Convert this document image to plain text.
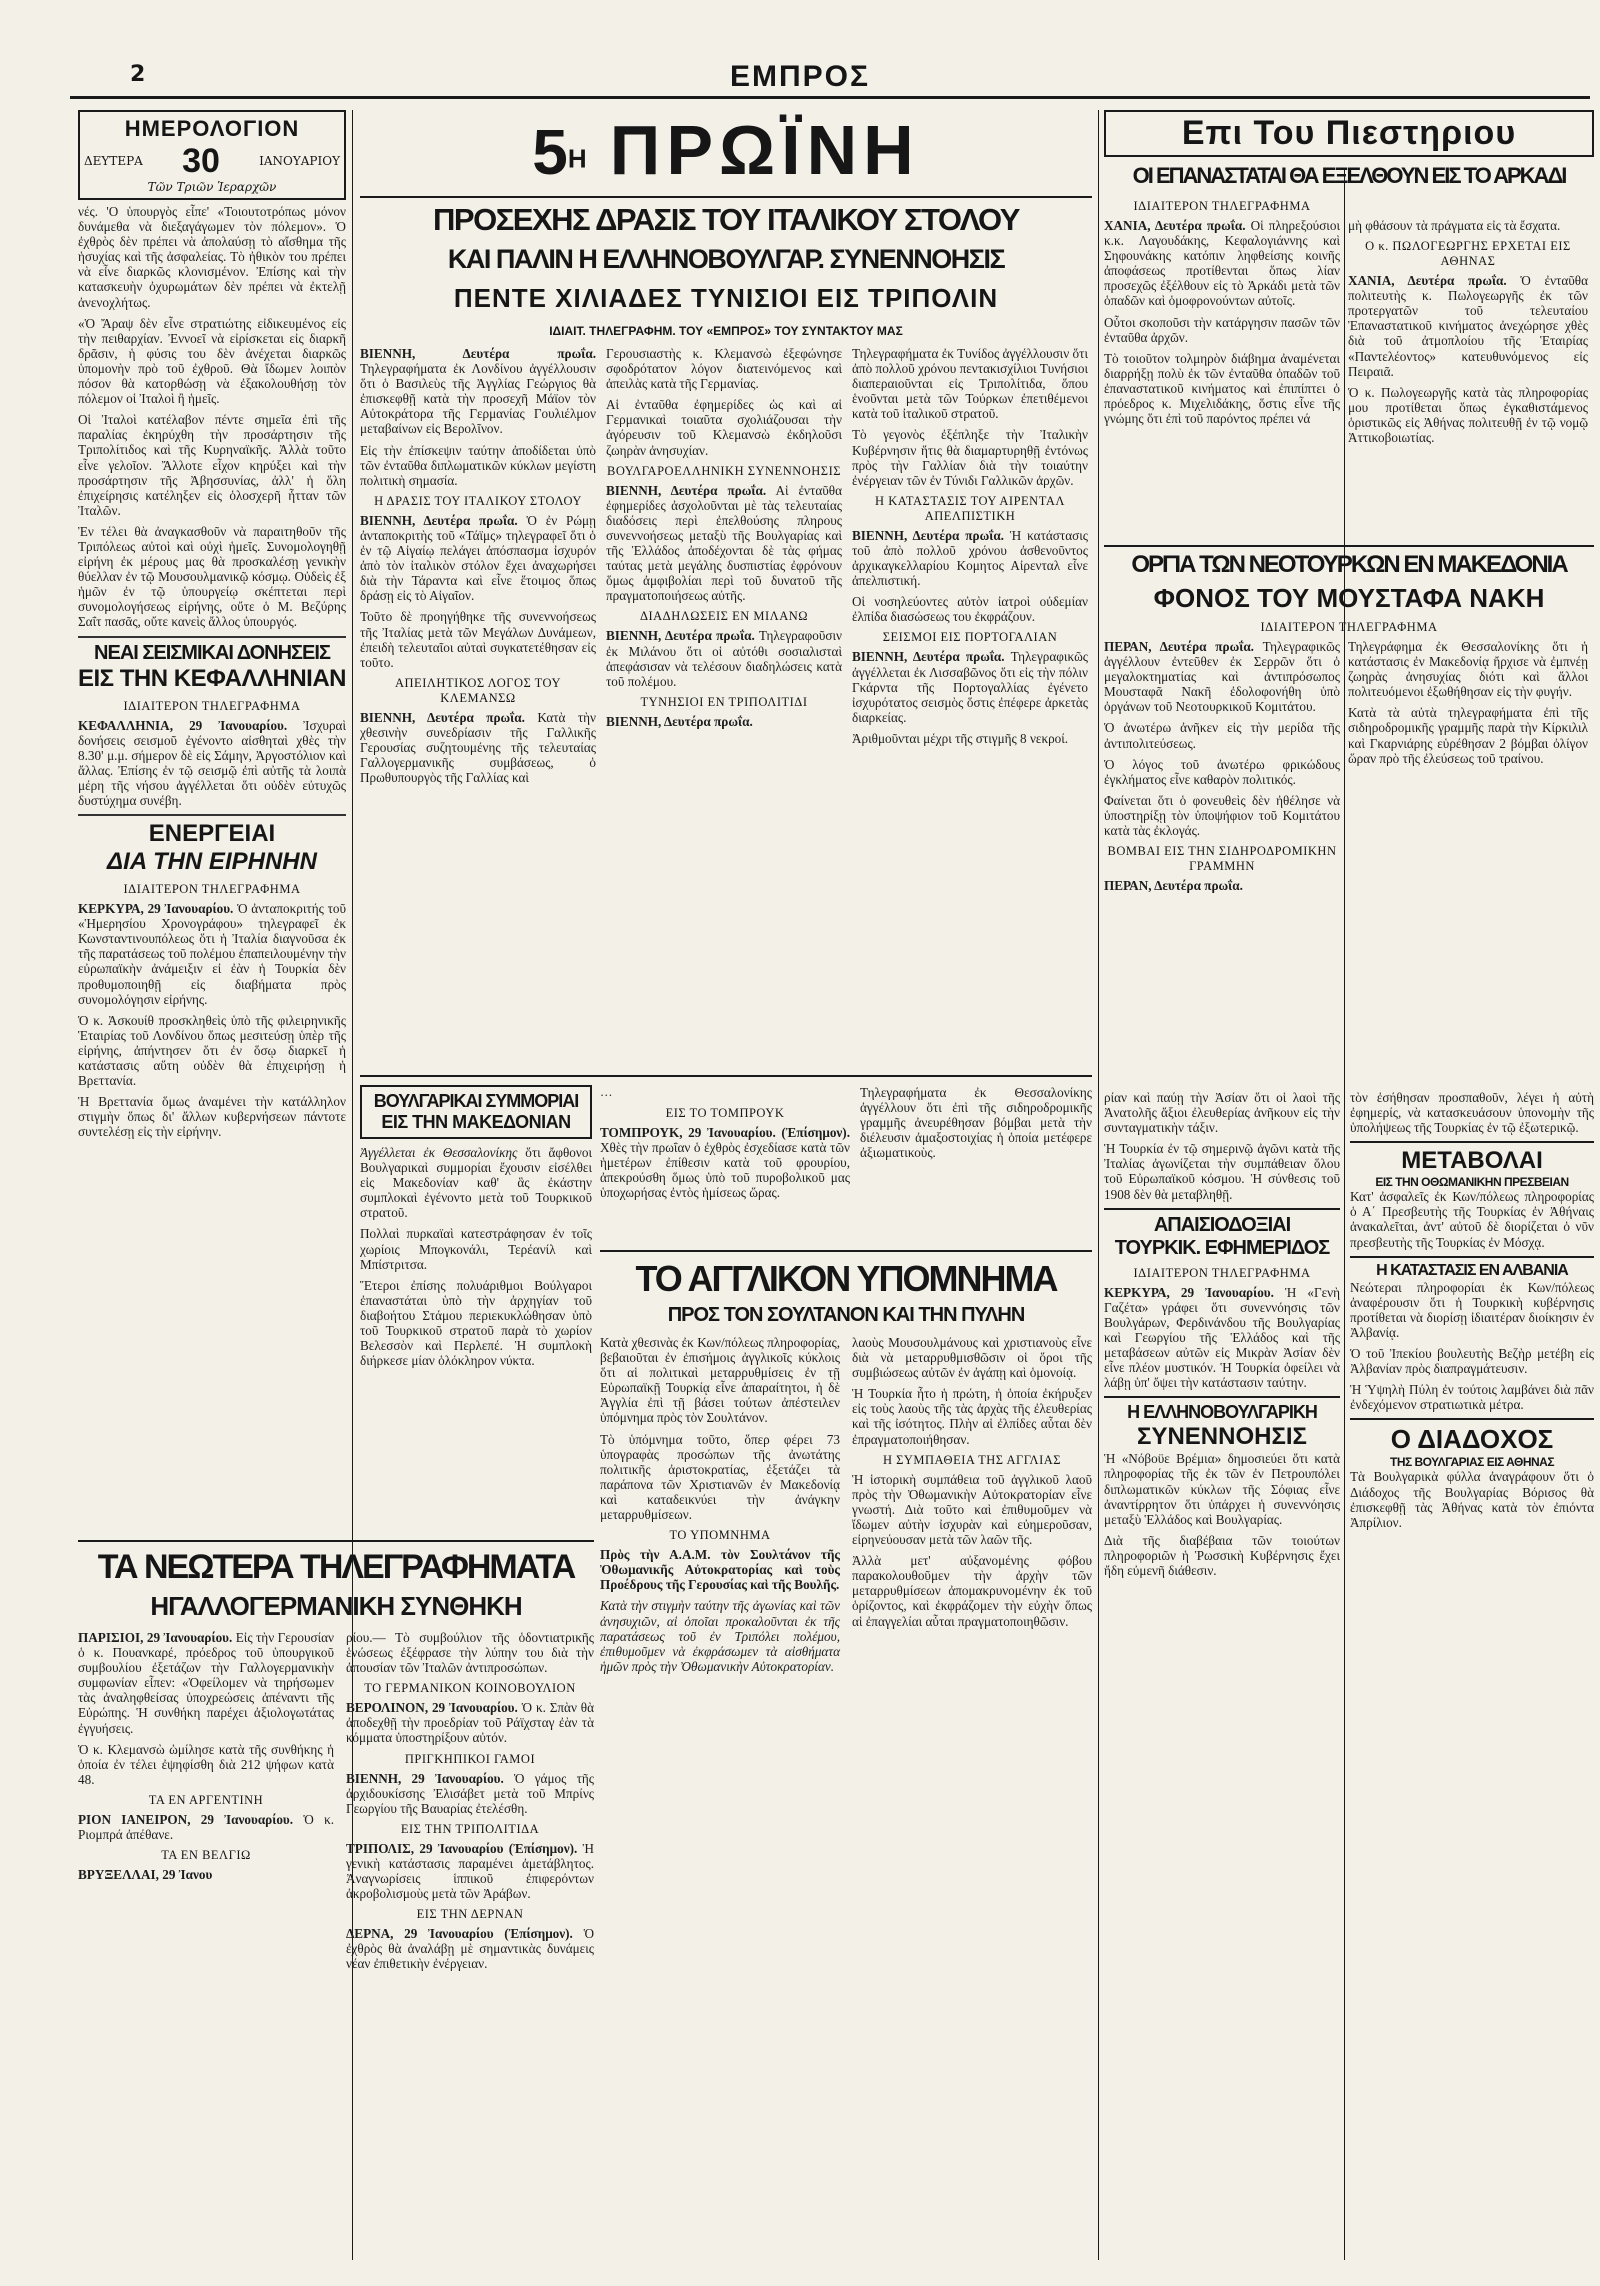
2	ΕΜΠΡΟΣ
ΗΜΕΡΟΛΟΓΙΟΝ
ΔΕΥΤΕΡΑ 30	ΙΑΝΟΥΑΡΙΟΥ
Τῶν Τριῶν Ἱεραρχῶν

νές. 'Ο ὑπουργὸς εἶπε' «Τοιουτοτρόπως μόνον δυνάμεθα νὰ διεξαγάγωμεν τὸν πόλεμον». Ὁ ἐχθρὸς δὲν πρέπει νὰ ἀπολαύσῃ τὸ αἴσθημα τῆς ἡσυχίας καὶ τῆς ἀσφαλείας. Τὸ ἠθικὸν του πρέπει νὰ εἶνε διαρκῶς κλονισμένον. Ἐπίσης καὶ τὴν κατασκευὴν ὀχυρωμάτων δὲν πρέπει νὰ ἐκτελῇ ἀνενοχλήτως.

«Ὁ Ἄραψ δὲν εἶνε στρατιώτης εἰδικευμένος εἰς τὴν πειθαρχίαν. Ἐννοεῖ νὰ εἰρίσκεται εἰς διαρκῆ δρᾶσιν, ἡ φύσις του δὲν ἀνέχεται διαρκῶς ὑπομονὴν πρὸ τοῦ ἐχθροῦ. Θὰ ἴδωμεν λοιπὸν πόσον θὰ κατορθώσῃ νὰ ἐξακολουθήσῃ τὸν πόλεμον οἱ Ἰταλοὶ ἢ ἡμεῖς.

Οἱ Ἰταλοὶ κατέλαβον πέντε σημεῖα ἐπὶ τῆς παραλίας ἐκηρύχθη τὴν προσάρτησιν τῆς Τριπολίτιδος καὶ τῆς Κυρηναϊκῆς. Ἀλλὰ τοῦτο εἶνε γελοῖον. Ἄλλοτε εἶχον κηρύξει καὶ τὴν προσάρτησιν τῆς Ἀβησσυνίας, ἀλλ' ἡ ὅλη ἐπιχείρησις κατέληξεν εἰς ὁλοσχερῆ ἧτταν τῶν Ἰταλῶν.

Ἐν τέλει θὰ ἀναγκασθοῦν νὰ παραιτηθοῦν τῆς Τριπόλεως αὐτοὶ καὶ οὐχὶ ἡμεῖς. Συνομολογηθῇ εἰρήνη ἐκ μέρους μας θὰ προσκαλέσῃ γενικὴν θύελλαν ἐν τῷ Μουσουλμανικῷ κόσμῳ. Οὐδεὶς ἐξ ἡμῶν ἐν τῷ ὑπουργείῳ σκέπτεται περὶ συνομολογήσεως εἰρήνης, οὔτε ὁ Μ. Βεζύρης Σαΐτ πασᾶς, οὔτε κανεὶς ἄλλος ὑπουργός.

ΝΕΑΙ ΣΕΙΣΜΙΚΑΙ ΔΟΝΗΣΕΙΣ
ΕΙΣ ΤΗΝ ΚΕΦΑΛΛΗΝΙΑΝ
ΙΔΙΑΙΤΕΡΟΝ ΤΗΛΕΓΡΑΦΗΜΑ

ΚΕΦΑΛΛΗΝΙΑ, 29 Ἰανουαρίου. Ἰσχυραὶ δονήσεις σεισμοῦ ἐγένοντο αἰσθηταὶ χθὲς τὴν 8.30' μ.μ. σήμερον δὲ εἰς Σάμην, Ἀργοστόλιον καὶ ἄλλας. Ἐπίσης ἐν τῷ σεισμῷ ἐπὶ αὐτῆς τὰ λοιπὰ μέρη τῆς νήσου ἀγγέλλεται ὅτι οὐδὲν εὐτυχῶς δυστύχημα συνέβη.

ΕΝΕΡΓΕΙΑΙ
ΔΙΑ ΤΗΝ ΕΙΡΗΝΗΝ
ΙΔΙΑΙΤΕΡΟΝ ΤΗΛΕΓΡΑΦΗΜΑ

ΚΕΡΚΥΡΑ, 29 Ἰανουαρίου. Ὁ ἀνταποκριτής τοῦ «Ἡμερησίου Χρονογράφου» τηλεγραφεῖ ἐκ Κωνσταντινουπόλεως ὅτι ἡ Ἰταλία διαγνοῦσα ἐκ τῆς παρατάσεως τοῦ πολέμου ἐπαπειλουμένην τὴν εὐρωπαϊκὴν ἀνάμειξιν εἰ ἐὰν ἡ Τουρκία δὲν προθυμοποιηθῇ εἰς διαβήματα πρὸς συνομολόγησιν εἰρήνης.

Ὁ κ. Ἀσκουίθ προσκληθεὶς ὑπὸ τῆς φιλειρηνικῆς Ἑταιρίας τοῦ Λονδίνου ὅπως μεσιτεύσῃ ὑπὲρ τῆς εἰρήνης, ἀπήντησεν ὅτι ἐν ὅσῳ διαρκεῖ ἡ κατάστασις αὕτη οὐδὲν θὰ ἐπιχειρήσῃ ἡ Βρεττανία.

Ἡ Βρεττανία ὅμως ἀναμένει τὴν κατάλληλον στιγμὴν ὅπως δι' ἄλλων κυβερνήσεων πάντοτε συντελέσῃ εἰς τὴν εἰρήνην.

$5^H$ ΠΡΩΪΝΗ
ΠΡΟΣΕΧΗΣ ΔΡΑΣΙΣ ΤΟΥ ΙΤΑΛΙΚΟΥ ΣΤΟΛΟΥ
ΚΑΙ ΠΑΛΙΝ Η ΕΛΛΗΝΟΒΟΥΛΓΑΡ. ΣΥΝΕΝΝΟΗΣΙΣ
ΠΕΝΤΕ ΧΙΛΙΑΔΕΣ ΤΥΝΙΣΙΟΙ ΕΙΣ ΤΡΙΠΟΛΙΝ
ΙΔΙΑΙΤ. ΤΗΛΕΓΡΑΦΗΜ. ΤΟΥ «ΕΜΠΡΟΣ» ΤΟΥ ΣΥΝΤΑΚΤΟΥ ΜΑΣ

ΒΙΕΝΝΗ, Δευτέρα πρωΐα. Τηλεγραφήματα ἐκ Λονδίνου ἀγγέλλουσιν ὅτι ὁ Βασιλεὺς τῆς Ἀγγλίας Γεώργιος θὰ ἐπισκεφθῇ κατὰ τὴν προσεχῆ Μάϊον τὸν Αὐτοκράτορα τῆς Γερμανίας Γουλιέλμον μεταβαίνων εἰς Βερολῖνον.

Εἰς τὴν ἐπίσκεψιν ταύτην ἀποδίδεται ὑπὸ τῶν ἐνταῦθα διπλωματικῶν κύκλων μεγίστη πολιτικὴ σημασία.

Η ΔΡΑΣΙΣ ΤΟΥ ΙΤΑΛΙΚΟΥ ΣΤΟΛΟΥ

ΒΙΕΝΝΗ, Δευτέρα πρωΐα. Ὁ ἐν Ρώμῃ ἀνταποκριτὴς τοῦ «Τάϊμς» τηλεγραφεῖ ὅτι ὁ ἐν τῷ Αἰγαίῳ πελάγει ἀπόσπασμα ἰσχυρόν ἀπὸ τὸν ἰταλικὸν στόλον ἔχει ἀναχωρήσει διὰ τὴν Τάραντα καὶ εἶνε ἕτοιμος ὅπως δράσῃ εἰς τὸ Αἰγαῖον.

Τοῦτο δὲ προηγήθηκε τῆς συνεννοήσεως τῆς Ἰταλίας μετὰ τῶν Μεγάλων Δυνάμεων, ἐπειδὴ τελευταῖοι αὐταὶ συγκατετέθησαν εἰς τοῦτο.

ΑΠΕΙΛΗΤΙΚΟΣ ΛΟΓΟΣ ΤΟΥ ΚΛΕΜΑΝΣΩ

ΒΙΕΝΝΗ, Δευτέρα πρωΐα. Κατὰ τὴν χθεσινὴν συνεδρίασιν τῆς Γαλλικῆς Γερουσίας συζητουμένης τῆς τελευταίας Γαλλογερμανικῆς συμβάσεως, ὁ Πρωθυπουργὸς τῆς Γαλλίας καὶ

Γερουσιαστὴς κ. Κλεμανσὼ ἐξεφώνησε σφοδρότατον λόγον διατεινόμενος καὶ ἀπειλὰς κατὰ τῆς Γερμανίας.

Αἱ ἐνταῦθα ἐφημερίδες ὡς καὶ αἱ Γερμανικαὶ τοιαῦτα σχολιάζουσαι τὴν ἀγόρευσιν τοῦ Κλεμανσὼ ἐκδηλοῦσι ζωηρὰν ἀνησυχίαν.

ΒΟΥΛΓΑΡΟΕΛΛΗΝΙΚΗ ΣΥΝΕΝΝΟΗΣΙΣ

ΒΙΕΝΝΗ, Δευτέρα πρωΐα. Αἱ ἐνταῦθα ἐφημερίδες ἀσχολοῦνται μὲ τὰς τελευταίας διαδόσεις περὶ ἐπελθούσης πληρους συνεννοήσεως μεταξὺ τῆς Βουλγαρίας καὶ τῆς Ἑλλάδος ἀποδέχονται δὲ τὰς φήμας ταύτας μετὰ μεγάλης δυσπιστίας ἐφρόνουν ὅμως ἀμφιβολίαι περὶ τοῦ δυνατοῦ τῆς πραγματοποιήσεως αὐτῆς.

ΔΙΑΔΗΛΩΣΕΙΣ ΕΝ ΜΙΛΑΝΩ

ΒΙΕΝΝΗ, Δευτέρα πρωΐα. Τηλεγραφοῦσιν ἐκ Μιλάνου ὅτι οἱ αὐτόθι σοσιαλισταὶ ἀπεφάσισαν νὰ τελέσουν διαδηλώσεις κατὰ τοῦ πολέμου.

ΤΥΝΗΣΙΟΙ ΕΝ ΤΡΙΠΟΛΙΤΙΔΙ

ΒΙΕΝΝΗ, Δευτέρα πρωΐα.

Τηλεγραφήματα ἐκ Τυνίδος ἀγγέλλουσιν ὅτι ἀπὸ πολλοῦ χρόνου πεντακισχίλιοι Τυνήσιοι διαπεραιοῦνται εἰς Τριπολίτιδα, ὅπου ἑνοῦνται μετὰ τῶν Τούρκων ἐπετιθέμενοι κατὰ τοῦ ἰταλικοῦ στρατοῦ.

Τὸ γεγονὸς ἐξέπληξε τὴν Ἰταλικὴν Κυβέρνησιν ἥτις θὰ διαμαρτυρηθῇ ἐντόνως πρὸς τὴν Γαλλίαν διὰ τὴν τοιαύτην ἐνέργειαν τῶν ἐν Τύνιδι Γαλλικῶν ἀρχῶν.

Η ΚΑΤΑΣΤΑΣΙΣ ΤΟΥ ΑΙΡΕΝΤΑΛ ΑΠΕΛΠΙΣΤΙΚΗ

ΒΙΕΝΝΗ, Δευτέρα πρωΐα. Ἡ κατάστασις τοῦ ἀπὸ πολλοῦ χρόνου ἀσθενοῦντος ἀρχικαγκελλαρίου Κομητος Αἰρενταλ εἶνε ἀπελπιστική.

Οἱ νοσηλεύοντες αὐτὸν ἰατροὶ οὐδεμίαν ἐλπίδα διασώσεως του ἐκφράζουν.

ΣΕΙΣΜΟΙ ΕΙΣ ΠΟΡΤΟΓΑΛΙΑΝ

ΒΙΕΝΝΗ, Δευτέρα πρωΐα. Τηλεγραφικῶς ἀγγέλλεται ἐκ Λισσαβῶνος ὅτι εἰς τὴν πόλιν Γκάρντα τῆς Πορτογαλλίας ἐγένετο ἰσχυρότατος σεισμὸς ὅστις ἐπέφερε ἀρκετὰς διαρκείας.

Ἀριθμοῦνται μέχρι τῆς στιγμῆς 8 νεκροί.

ΒΟΥΛΓΑΡΙΚΑΙ ΣΥΜΜΟΡΙΑΙ
ΕΙΣ ΤΗΝ ΜΑΚΕΔΟΝΙΑΝ

Ἀγγέλλεται ἐκ Θεσσαλονίκης ὅτι ἄφθονοι Βουλγαρικαὶ συμμορίαι ἔχουσιν εἰσέλθει εἰς Μακεδονίαν καθ' ἃς ἐκάστην συμπλοκαὶ ἐγένοντο μετὰ τοῦ Τουρκικοῦ στρατοῦ.

Πολλαὶ πυρκαϊαὶ κατεστράφησαν ἐν τοῖς χωρίοις Μπογκονάλι, Τερέανίλ καὶ Μπίστριτσα.

Ἕτεροι ἐπίσης πολυάριθμοι Βούλγαροι ἐπαναστάται ὑπὸ τὴν ἀρχηγίαν τοῦ διαβοήτου Στάμου περιεκυκλώθησαν ὑπὸ τοῦ Τουρκικοῦ στρατοῦ παρὰ τὸ χωρίον Βελεσσὸν καὶ Περλεπέ. Ἡ συμπλοκὴ διήρκεσε μίαν ὁλόκληρον νύκτα.

…

ΕΙΣ ΤΟ ΤΟΜΠΡΟΥΚ

ΤΟΜΠΡΟΥΚ, 29 Ἰανουαρίου. (Ἐπίσημον). Χθὲς τὴν πρωΐαν ὁ ἐχθρὸς ἐσχεδίασε κατὰ τῶν ἡμετέρων ἐπίθεσιν κατὰ τοῦ φρουρίου, ἀπεκρούσθη ὅμως ὑπὸ τοῦ πυροβολικοῦ μας ὑποχωρήσας ἐντὸς ἡμίσεως ὥρας.

Τηλεγραφήματα ἐκ Θεσσαλονίκης ἀγγέλλουν ὅτι ἐπὶ τῆς σιδηροδρομικῆς γραμμῆς ἀνευρέθησαν βόμβαι μετὰ τὴν διέλευσιν ἀμαξοστοιχίας ἡ ὁποία μετέφερε ἀξιωματικοὺς.

ΤΟ ΑΓΓΛΙΚΟΝ ΥΠΟΜΝΗΜΑ
ΠΡΟΣ ΤΟΝ ΣΟΥΛΤΑΝΟΝ ΚΑΙ ΤΗΝ ΠΥΛΗΝ

Κατὰ χθεσινὰς ἐκ Κων/πόλεως πληροφορίας, βεβαιοῦται ἐν ἐπισήμοις ἀγγλικοῖς κύκλοις ὅτι αἱ πολιτικαὶ μεταρρυθμίσεις ἐν τῇ Εὐρωπαϊκῇ Τουρκίᾳ εἶνε ἀπαραίτητοι, ἡ δὲ Ἀγγλία ἐπὶ τῇ βάσει τούτων ἀπέστειλεν ὑπόμνημα πρὸς τὸν Σουλτάνον.

Τὸ ὑπόμνημα τοῦτο, ὅπερ φέρει 73 ὑπογραφὰς προσώπων τῆς ἀνωτάτης πολιτικῆς ἀριστοκρατίας, ἐξετάζει τὰ παράπονα τῶν Χριστιανῶν ἐν Μακεδονίᾳ καὶ καταδεικνύει τὴν ἀνάγκην μεταρρυθμίσεων.

ΤΟ ΥΠΟΜΝΗΜΑ

Πρὸς τὴν Α.Α.Μ. τὸν Σουλτάνον τῆς Ὀθωμανικῆς Αὐτοκρατορίας καὶ τοὺς Προέδρους τῆς Γερουσίας καὶ τῆς Βουλῆς.

Κατὰ τὴν στιγμὴν ταύτην τῆς ἀγωνίας καὶ τῶν ἀνησυχιῶν, αἱ ὁποῖαι προκαλοῦνται ἐκ τῆς παρατάσεως τοῦ ἐν Τριπόλει πολέμου, ἐπιθυμοῦμεν νὰ ἐκφράσωμεν τὰ αἰσθήματα ἡμῶν πρὸς τὴν Ὀθωμανικὴν Αὐτοκρατορίαν.

λαοὺς Μουσουλμάνους καὶ χριστιανοὺς εἶνε διὰ νὰ μεταρρυθμισθῶσιν οἱ ὅροι τῆς συμβιώσεως αὐτῶν ἐν ἀγάπῃ καὶ ὁμονοίᾳ.

Ἡ Τουρκία ἦτο ἡ πρώτη, ἡ ὁποία ἐκήρυξεν εἰς τοὺς λαοὺς τῆς τὰς ἀρχὰς τῆς ἐλευθερίας καὶ τῆς ἰσότητος. Πλὴν αἱ ἐλπίδες αὗται δὲν ἐπραγματοποιήθησαν.

Η ΣΥΜΠΑΘΕΙΑ ΤΗΣ ΑΓΓΛΙΑΣ

Ἡ ἱστορικὴ συμπάθεια τοῦ ἀγγλικοῦ λαοῦ πρὸς τὴν Ὀθωμανικὴν Αὐτοκρατορίαν εἶνε γνωστή. Διὰ τοῦτο καὶ ἐπιθυμοῦμεν νὰ ἴδωμεν αὐτὴν ἰσχυρὰν καὶ εὐημεροῦσαν, εἰρηνεύουσαν μετὰ τῶν λαῶν τῆς.

Ἀλλὰ μετ' αὐξανομένης φόβου παρακολουθοῦμεν τὴν ἀρχὴν τῶν μεταρρυθμίσεων ἀπομακρυνομένην ἐκ τοῦ ὁρίζοντος, καὶ ἐκφράζομεν τὴν εὐχὴν ὅπως αἱ ἐπαγγελίαι αὗται πραγματοποιηθῶσιν.

ΤΑ ΝΕΩΤΕΡΑ ΤΗΛΕΓΡΑΦΗΜΑΤΑ
ΗΓΑΛΛΟΓΕΡΜΑΝΙΚΗ ΣΥΝΘΗΚΗ

ΠΑΡΙΣΙΟΙ, 29 Ἰανουαρίου. Εἰς τὴν Γερουσίαν ὁ κ. Πουανκαρέ, πρόεδρος τοῦ ὑπουργικοῦ συμβουλίου ἐξετάζων τὴν Γαλλογερμανικὴν συμφωνίαν εἶπεν: «Ὀφείλομεν νὰ τηρήσωμεν τὰς ἀναληφθείσας ὑποχρεώσεις ἀπέναντι τῆς Εὐρώπης. Ἡ συνθήκη παρέχει ἀξιολογωτάτας ἐγγυήσεις.

Ὁ κ. Κλεμανσὼ ὡμίλησε κατὰ τῆς συνθήκης ἡ ὁποία ἐν τέλει ἐψηφίσθη διὰ 212 ψήφων κατὰ 48.

ΤΑ ΕΝ ΑΡΓΕΝΤΙΝΗ

ΡΙΟΝ ΙΑΝΕΙΡΟΝ, 29 Ἰανουαρίου. Ὁ κ. Ριομπρά ἀπέθανε.

ΤΑ ΕΝ ΒΕΛΓΙΩ

ΒΡΥΞΕΛΛΑΙ, 29 Ἰανου

ρίου.— Τὸ συμβούλιον τῆς ὁδοντιατρικῆς ἑνώσεως ἐξέφρασε τὴν λύπην του διὰ τὴν ἀπουσίαν τῶν Ἰταλῶν ἀντιπροσώπων.

ΤΟ ΓΕΡΜΑΝΙΚΟΝ ΚΟΙΝΟΒΟΥΛΙΟΝ

ΒΕΡΟΛΙΝΟΝ, 29 Ἰανουαρίου. Ὁ κ. Σπὰν θὰ ἀποδεχθῇ τὴν προεδρίαν τοῦ Ράϊχσταγ ἐὰν τὰ κόμματα ὑποστηρίξουν αὐτόν.

ΠΡΙΓΚΗΠΙΚΟΙ ΓΑΜΟΙ

ΒΙΕΝΝΗ, 29 Ἰανουαρίου. Ὁ γάμος τῆς ἀρχιδουκίσσης Ἐλισάβετ μετὰ τοῦ Μπρίνς Γεωργίου τῆς Βαυαρίας ἐτελέσθη.

ΕΙΣ ΤΗΝ ΤΡΙΠΟΛΙΤΙΔΑ

ΤΡΙΠΟΛΙΣ, 29 Ἰανουαρίου (Ἐπίσημον). Ἡ γενικὴ κατάστασις παραμένει ἀμετάβλητος. Ἀναγνωρίσεις ἱππικοῦ ἐπιφερόντων ἀκροβολισμοὺς μετὰ τῶν Ἀράβων.

ΕΙΣ ΤΗΝ ΔΕΡΝΑΝ

ΔΕΡΝΑ, 29 Ἰανουαρίου (Ἐπίσημον). Ὁ ἐχθρὸς θὰ ἀναλάβῃ μὲ σημαντικὰς δυνάμεις νέαν ἐπιθετικὴν ἐνέργειαν.

Επι Του Πιεστηριου
ΟΙ ΕΠΑΝΑΣΤΑΤΑΙ ΘΑ ΕΞΕΛΘΟΥΝ ΕΙΣ ΤΟ ΑΡΚΑΔΙ
ΙΔΙΑΙΤΕΡΟΝ ΤΗΛΕΓΡΑΦΗΜΑ

ΧΑΝΙΑ, Δευτέρα πρωΐα. Οἱ πληρεξούσιοι κ.κ. Λαγουδάκης, Κεφαλογιάννης καὶ Σηφουνάκης κατόπιν ληφθείσης κοινῆς ἀποφάσεως προτίθενται ὅπως λίαν προσεχῶς ἐξέλθουν εἰς τὸ Ἀρκάδι μετὰ τῶν ὁπαδῶν καὶ ὁμοφρονούντων αὐτοῖς.

Οὗτοι σκοποῦσι τὴν κατάργησιν πασῶν τῶν ἐνταῦθα ἀρχῶν.

Τὸ τοιοῦτον τολμηρὸν διάβημα ἀναμένεται διαρρήξῃ πολὺ ἐκ τῶν ἐνταῦθα ὁπαδῶν τοῦ ἐπαναστατικοῦ κινήματος καὶ ἐπιπίπτει ὁ πρόεδρος κ. Μιχελιδάκης, ὅστις εἶνε τῆς γνώμης ὅτι ἐπὶ τοῦ παρόντος πρέπει νά

μὴ φθάσουν τὰ πράγματα εἰς τὰ ἔσχατα.

Ο κ. ΠΩΛΟΓΕΩΡΓΗΣ ΕΡΧΕΤΑΙ ΕΙΣ ΑΘΗΝΑΣ

ΧΑΝΙΑ, Δευτέρα πρωΐα. Ὁ ἐνταῦθα πολιτευτὴς κ. Πωλογεωργῆς ἐκ τῶν προτεργατῶν τοῦ τελευταίου Ἐπαναστατικοῦ κινήματος ἀνεχώρησε χθὲς διὰ τοῦ ἀτμοπλοίου τῆς Ἑταιρίας «Παντελέοντος» κατευθυνόμενος εἰς Πειραιᾶ.

Ὁ κ. Πωλογεωργῆς κατὰ τὰς πληροφορίας μου προτίθεται ὅπως ἐγκαθιστάμενος ὁριστικῶς εἰς Ἀθήνας πολιτευθῇ ἐν τῷ νομῷ Ἀττικοβοιωτίας.

ΟΡΓΙΑ ΤΩΝ ΝΕΟΤΟΥΡΚΩΝ ΕΝ ΜΑΚΕΔΟΝΙΑ
ΦΟΝΟΣ ΤΟΥ ΜΟΥΣΤΑΦΑ ΝΑΚΗ
ΙΔΙΑΙΤΕΡΟΝ ΤΗΛΕΓΡΑΦΗΜΑ

ΠΕΡΑΝ, Δευτέρα πρωΐα. Τηλεγραφικῶς ἀγγέλλουν ἐντεῦθεν ἐκ Σερρῶν ὅτι ὁ μεγαλοκτηματίας καὶ ἀντιπρόσωπος Μουσταφᾶ Νακῆ ἐδολοφονήθη ὑπὸ ὀργάνων τοῦ Νεοτουρκικοῦ Κομιτάτου.

Ὁ ἀνωτέρω ἀνῆκεν εἰς τὴν μερίδα τῆς ἀντιπολιτεύσεως.

Ὁ λόγος τοῦ ἀνωτέρω φρικώδους ἐγκλήματος εἶνε καθαρὸν πολιτικός.

Φαίνεται ὅτι ὁ φονευθεὶς δὲν ἠθέλησε νὰ ὑποστηρίξῃ τὸν ὑποψήφιον τοῦ Κομιτάτου κατὰ τὰς ἐκλογάς.

ΒΟΜΒΑΙ ΕΙΣ ΤΗΝ ΣΙΔΗΡΟΔΡΟΜΙΚΗΝ ΓΡΑΜΜΗΝ

ΠΕΡΑΝ, Δευτέρα πρωΐα.

Τηλεγράφημα ἐκ Θεσσαλονίκης ὅτι ἡ κατάστασις ἐν Μακεδονίᾳ ἤρχισε νὰ ἐμπνέῃ ζωηρὰς ἀνησυχίας διότι καὶ ἄλλοι πολιτευόμενοι ἐξωθήθησαν εἰς τὴν φυγήν.

Κατὰ τὰ αὐτὰ τηλεγραφήματα ἐπὶ τῆς σιδηροδρομικῆς γραμμῆς παρὰ τὴν Κίρκιλιλ καὶ Γκαρνιάρης εὑρέθησαν 2 βόμβαι ὀλίγον ὥραν πρὸ τῆς ἐλεύσεως τοῦ τραίνου.

ρίαν καὶ παύῃ τὴν Ἀσίαν ὅτι οἱ λαοὶ τῆς Ἀνατολῆς ἄξιοι ἐλευθερίας ἀνῆκουν εἰς τὴν συνταγματικὴν τάξιν.

Ἡ Τουρκία ἐν τῷ σημερινῷ ἀγῶνι κατὰ τῆς Ἰταλίας ἀγωνίζεται τὴν συμπάθειαν ὅλου τοῦ Εὐρωπαϊκοῦ κόσμου. Ἡ σύνθεσις τοῦ 1908 δὲν θὰ μεταβληθῇ.

ΑΠΑΙΣΙΟΔΟΞΙΑΙ
ΤΟΥΡΚΙΚ. ΕΦΗΜΕΡΙΔΟΣ
ΙΔΙΑΙΤΕΡΟΝ ΤΗΛΕΓΡΑΦΗΜΑ

ΚΕΡΚΥΡΑ, 29 Ἰανουαρίου. Ἡ «Γενὴ Γαζέτα» γράφει ὅτι συνεννόησις τῶν Βουλγάρων, Φερδινάνδου τῆς Βουλγαρίας καὶ Γεωργίου τῆς Ἑλλάδος καὶ τῆς μεταβάσεων αὐτῶν εἰς Μικρὰν Ἀσίαν δὲν εἶνε πλέον μυστικόν. Ἡ Τουρκία ὀφείλει νὰ λάβῃ ὑπ' ὄψει τὴν κατάστασιν ταύτην.

Η ΕΛΛΗΝΟΒΟΥΛΓΑΡΙΚΗ
ΣΥΝΕΝΝΟΗΣΙΣ

Ἡ «Νόβοϋε Βρέμια» δημοσιεύει ὅτι κατὰ πληροφορίας τῆς ἐκ τῶν ἐν Πετρουπόλει διπλωματικῶν κύκλων τῆς Σόφιας εἶνε ἀναντίρρητον ὅτι ὑπάρχει ἡ συνεννόησις μεταξὺ Ἑλλάδος καὶ Βουλγαρίας.

Διὰ τῆς διαβέβαια τῶν τοιούτων πληροφοριῶν ἡ Ῥωσσικὴ Κυβέρνησις ἔχει ἤδη εὐμενῆ διάθεσιν.

τὸν ἐσήθησαν προσπαθοῦν, λέγει ἡ αὐτὴ ἐφημερίς, νὰ κατασκευάσουν ὑπονομὴν τῆς ὑπολήψεως τῆς Τουρκίας ἐν τῷ ἐξωτερικῷ.

ΜΕΤΑΒΟΛΑΙ
ΕΙΣ ΤΗΝ ΟΘΩΜΑΝΙΚΗΝ ΠΡΕΣΒΕΙΑΝ

Κατ' ἀσφαλεῖς ἐκ Κων/πόλεως πληροφορίας ὁ Α΄ Πρεσβευτὴς τῆς Τουρκίας ἐν Ἀθήναις ἀνακαλεῖται, ἀντ' αὐτοῦ δὲ διορίζεται ὁ νῦν πρεσβευτὴς τῆς Τουρκίας ἐν Μόσχᾳ.

Η ΚΑΤΑΣΤΑΣΙΣ ΕΝ ΑΛΒΑΝΙΑ

Νεώτεραι πληροφορίαι ἐκ Κων/πόλεως ἀναφέρουσιν ὅτι ἡ Τουρκικὴ κυβέρνησις προτίθεται νὰ διορίσῃ ἰδιαιτέραν διοίκησιν ἐν Ἀλβανίᾳ.

Ὁ τοῦ Ἰπεκίου βουλευτὴς Βεζὴρ μετέβη εἰς Ἀλβανίαν πρὸς διαπραγμάτευσιν.

Ἡ Ὑψηλὴ Πύλη ἐν τούτοις λαμβάνει διὰ πᾶν ἐνδεχόμενον στρατιωτικὰ μέτρα.

Ο ΔΙΑΔΟΧΟΣ
ΤΗΣ ΒΟΥΛΓΑΡΙΑΣ ΕΙΣ ΑΘΗΝΑΣ

Τὰ Βουλγαρικὰ φύλλα ἀναγράφουν ὅτι ὁ Διάδοχος τῆς Βουλγαρίας Βόρισος θὰ ἐπισκεφθῇ τὰς Ἀθήνας κατὰ τὸν ἐπιόντα Ἀπρίλιον.
